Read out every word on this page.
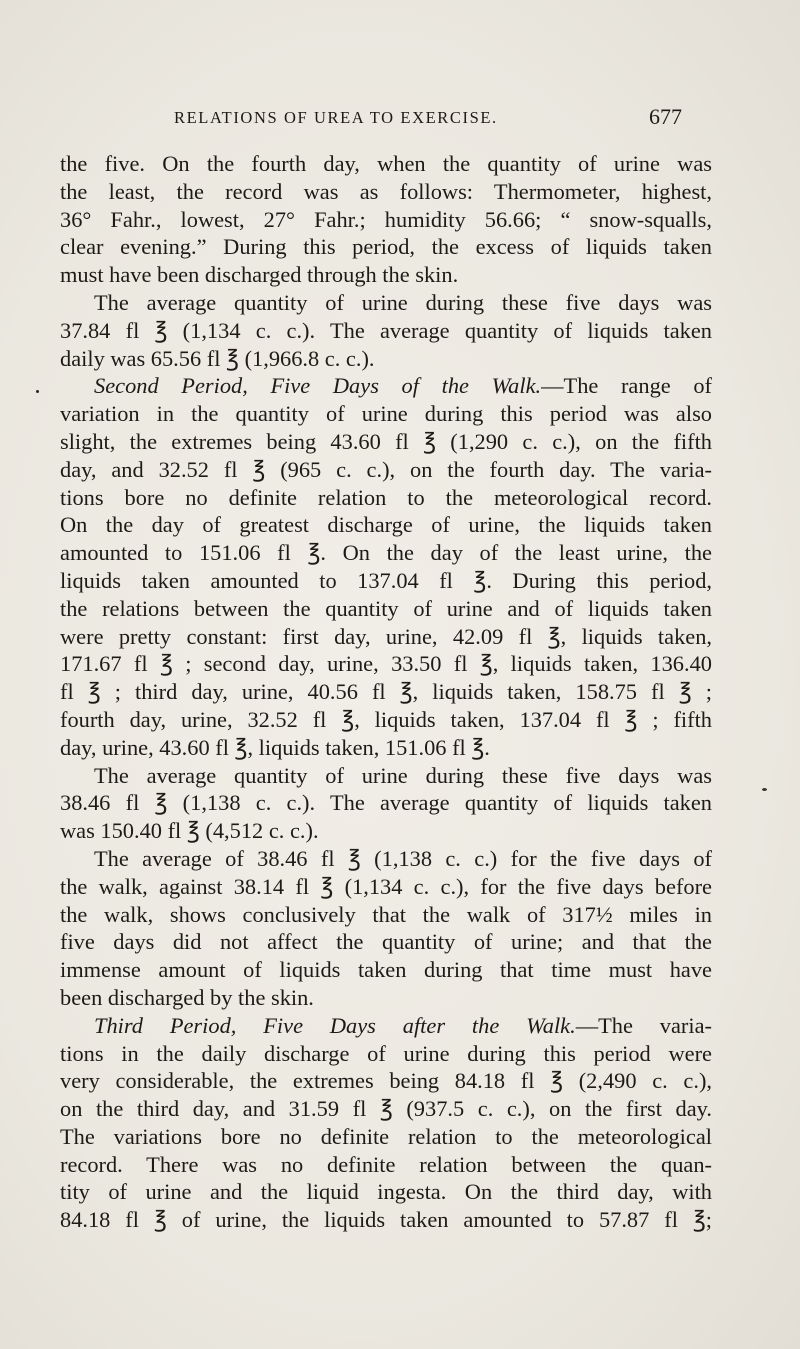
RELATIONS OF UREA TO EXERCISE.	677
the five. On the fourth day, when the quantity of urine was
the least, the record was as follows: Thermometer, highest,
36° Fahr., lowest, 27° Fahr.; humidity 56.66; “ snow-squalls,
clear evening.” During this period, the excess of liquids taken
must have been discharged through the skin.
The average quantity of urine during these five days was
37.84 fl ℥ (1,134 c. c.). The average quantity of liquids taken
daily was 65.56 fl ℥ (1,966.8 c. c.).
Second Period, Five Days of the Walk.—The range of
variation in the quantity of urine during this period was also
slight, the extremes being 43.60 fl ℥ (1,290 c. c.), on the fifth
day, and 32.52 fl ℥ (965 c. c.), on the fourth day. The varia-
tions bore no definite relation to the meteorological record.
On the day of greatest discharge of urine, the liquids taken
amounted to 151.06 fl ℥. On the day of the least urine, the
liquids taken amounted to 137.04 fl ℥. During this period,
the relations between the quantity of urine and of liquids taken
were pretty constant: first day, urine, 42.09 fl ℥, liquids taken,
171.67 fl ℥ ; second day, urine, 33.50 fl ℥, liquids taken, 136.40
fl ℥ ; third day, urine, 40.56 fl ℥, liquids taken, 158.75 fl ℥ ;
fourth day, urine, 32.52 fl ℥, liquids taken, 137.04 fl ℥ ; fifth
day, urine, 43.60 fl ℥, liquids taken, 151.06 fl ℥.
The average quantity of urine during these five days was
38.46 fl ℥ (1,138 c. c.). The average quantity of liquids taken
was 150.40 fl ℥ (4,512 c. c.).
The average of 38.46 fl ℥ (1,138 c. c.) for the five days of
the walk, against 38.14 fl ℥ (1,134 c. c.), for the five days before
the walk, shows conclusively that the walk of 317½ miles in
five days did not affect the quantity of urine; and that the
immense amount of liquids taken during that time must have
been discharged by the skin.
Third Period, Five Days after the Walk.—The varia-
tions in the daily discharge of urine during this period were
very considerable, the extremes being 84.18 fl ℥ (2,490 c. c.),
on the third day, and 31.59 fl ℥ (937.5 c. c.), on the first day.
The variations bore no definite relation to the meteorological
record. There was no definite relation between the quan-
tity of urine and the liquid ingesta. On the third day, with
84.18 fl ℥ of urine, the liquids taken amounted to 57.87 fl ℥;
